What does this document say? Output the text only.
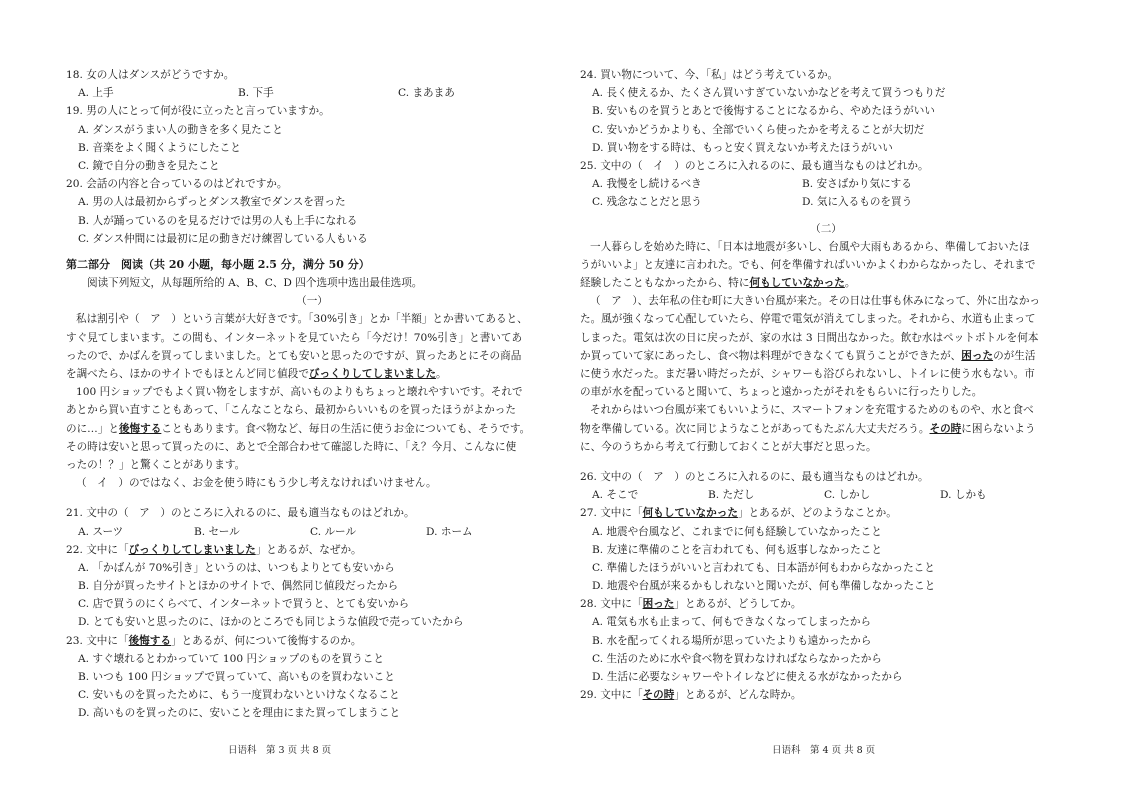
18. 女の人はダンスがどうですか。
A. 上手	B. 下手	C. まあまあ
19. 男の人にとって何が役に立ったと言っていますか。
A. ダンスがうまい人の動きを多く見たこと
B. 音楽をよく聞くようにしたこと
C. 鏡で自分の動きを見たこと
20. 会話の内容と合っているのはどれですか。
A. 男の人は最初からずっとダンス教室でダンスを習った
B. 人が踊っているのを見るだけでは男の人も上手になれる
C. ダンス仲間には最初に足の動きだけ練習している人もいる
第二部分　阅读（共 20 小题，每小题 2.5 分，满分 50 分）
阅读下列短文，从每题所给的 A、B、C、D 四个选项中选出最佳选项。
（一）
私は割引や（　ア　）という言葉が大好きです。「30%引き」とか「半額」とか書いてあると、
すぐ見てしまいます。この間も、インターネットを見ていたら「今だけ！70%引き」と書いてあ
ったので、かばんを買ってしまいました。とても安いと思ったのですが、買ったあとにその商品
を調べたら、ほかのサイトでもほとんど同じ値段でびっくりしてしまいました。
100 円ショップでもよく買い物をしますが、高いものよりもちょっと壊れやすいです。それで
あとから買い直すこともあって、「こんなことなら、最初からいいものを買ったほうがよかった
のに…」と後悔することもあります。食べ物など、毎日の生活に使うお金についても、そうです。
その時は安いと思って買ったのに、あとで全部合わせて確認した時に、「え？今月、こんなに使
ったの！？」と驚くことがあります。
（　イ　）のではなく、お金を使う時にもう少し考えなければいけません。
21. 文中の（　ア　）のところに入れるのに、最も適当なものはどれか。
A. スーツ	B. セール	C. ルール	D. ホーム
22. 文中に「びっくりしてしまいました」とあるが、なぜか。
A. 「かばんが 70%引き」というのは、いつもよりとても安いから
B. 自分が買ったサイトとほかのサイトで、偶然同じ値段だったから
C. 店で買うのにくらべて、インターネットで買うと、とても安いから
D. とても安いと思ったのに、ほかのところでも同じような値段で売っていたから
23. 文中に「後悔する」とあるが、何について後悔するのか。
A. すぐ壊れるとわかっていて 100 円ショップのものを買うこと
B. いつも 100 円ショップで買っていて、高いものを買わないこと
C. 安いものを買ったために、もう一度買わないといけなくなること
D. 高いものを買ったのに、安いことを理由にまた買ってしまうこと
24. 買い物について、今、「私」はどう考えているか。
A. 長く使えるか、たくさん買いすぎていないかなどを考えて買うつもりだ
B. 安いものを買うとあとで後悔することになるから、やめたほうがいい
C. 安いかどうかよりも、全部でいくら使ったかを考えることが大切だ
D. 買い物をする時は、もっと安く買えないか考えたほうがいい
25. 文中の（　イ　）のところに入れるのに、最も適当なものはどれか。
A. 我慢をし続けるべき	B. 安さばかり気にする
C. 残念なことだと思う	D. 気に入るものを買う
（二）
一人暮らしを始めた時に、「日本は地震が多いし、台風や大雨もあるから、準備しておいたほ
うがいいよ」と友達に言われた。でも、何を準備すればいいかよくわからなかったし、それまで
経験したこともなかったから、特に何もしていなかった。
（　ア　）、去年私の住む町に大きい台風が来た。その日は仕事も休みになって、外に出なかっ
た。風が強くなって心配していたら、停電で電気が消えてしまった。それから、水道も止まって
しまった。電気は次の日に戻ったが、家の水は 3 日間出なかった。飲む水はペットボトルを何本
か買っていて家にあったし、食べ物は料理ができなくても買うことができたが、困ったのが生活
に使う水だった。まだ暑い時だったが、シャワーも浴びられないし、トイレに使う水もない。市
の車が水を配っていると聞いて、ちょっと遠かったがそれをもらいに行ったりした。
それからはいつ台風が来てもいいように、スマートフォンを充電するためのものや、水と食べ
物を準備している。次に同じようなことがあってもたぶん大丈夫だろう。その時に困らないよう
に、今のうちから考えて行動しておくことが大事だと思った。
26. 文中の（　ア　）のところに入れるのに、最も適当なものはどれか。
A. そこで	B. ただし	C. しかし	D. しかも
27. 文中に「何もしていなかった」とあるが、どのようなことか。
A. 地震や台風など、これまでに何も経験していなかったこと
B. 友達に準備のことを言われても、何も返事しなかったこと
C. 準備したほうがいいと言われても、日本語が何もわからなかったこと
D. 地震や台風が来るかもしれないと聞いたが、何も準備しなかったこと
28. 文中に「困った」とあるが、どうしてか。
A. 電気も水も止まって、何もできなくなってしまったから
B. 水を配ってくれる場所が思っていたよりも遠かったから
C. 生活のために水や食べ物を買わなければならなかったから
D. 生活に必要なシャワーやトイレなどに使える水がなかったから
29. 文中に「その時」とあるが、どんな時か。
日语科　第 3 页 共 8 页	日语科　第 4 页 共 8 页
